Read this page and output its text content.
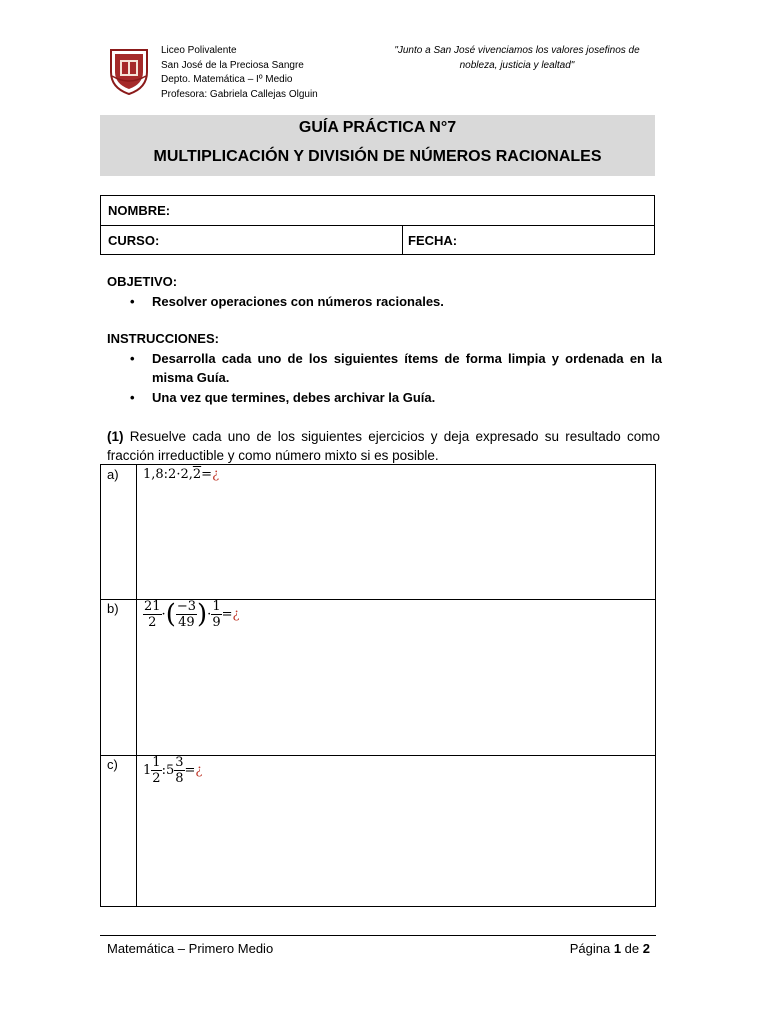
Liceo Polivalente
San José de la Preciosa Sangre
Depto. Matemática – Iº Medio
Profesora: Gabriela Callejas Olguin
"Junto a San José vivenciamos los valores josefinos de
nobleza, justicia y lealtad"
GUÍA PRÁCTICA N°7
MULTIPLICACIÓN Y DIVISIÓN DE NÚMEROS RACIONALES
NOMBRE:
CURSO:	FECHA:
OBJETIVO:
• Resolver operaciones con números racionales.
INSTRUCCIONES:
• Desarrolla cada uno de los siguientes ítems de forma limpia y ordenada en la misma Guía.
• Una vez que termines, debes archivar la Guía.
(1) Resuelve cada uno de los siguientes ejercicios y deja expresado su resultado como fracción irreductible y como número mixto si es posible.
a) 1,8:2·2,2=¿
$b) \frac{21}{2}$ ·( $\frac{-3}{49}$ )· $\frac{1}{9}$ =¿
c) $1 \frac{1}{2}$ :5 $\frac{3}{8}$ =¿
Matemática – Primero Medio	Página 1 de 2
